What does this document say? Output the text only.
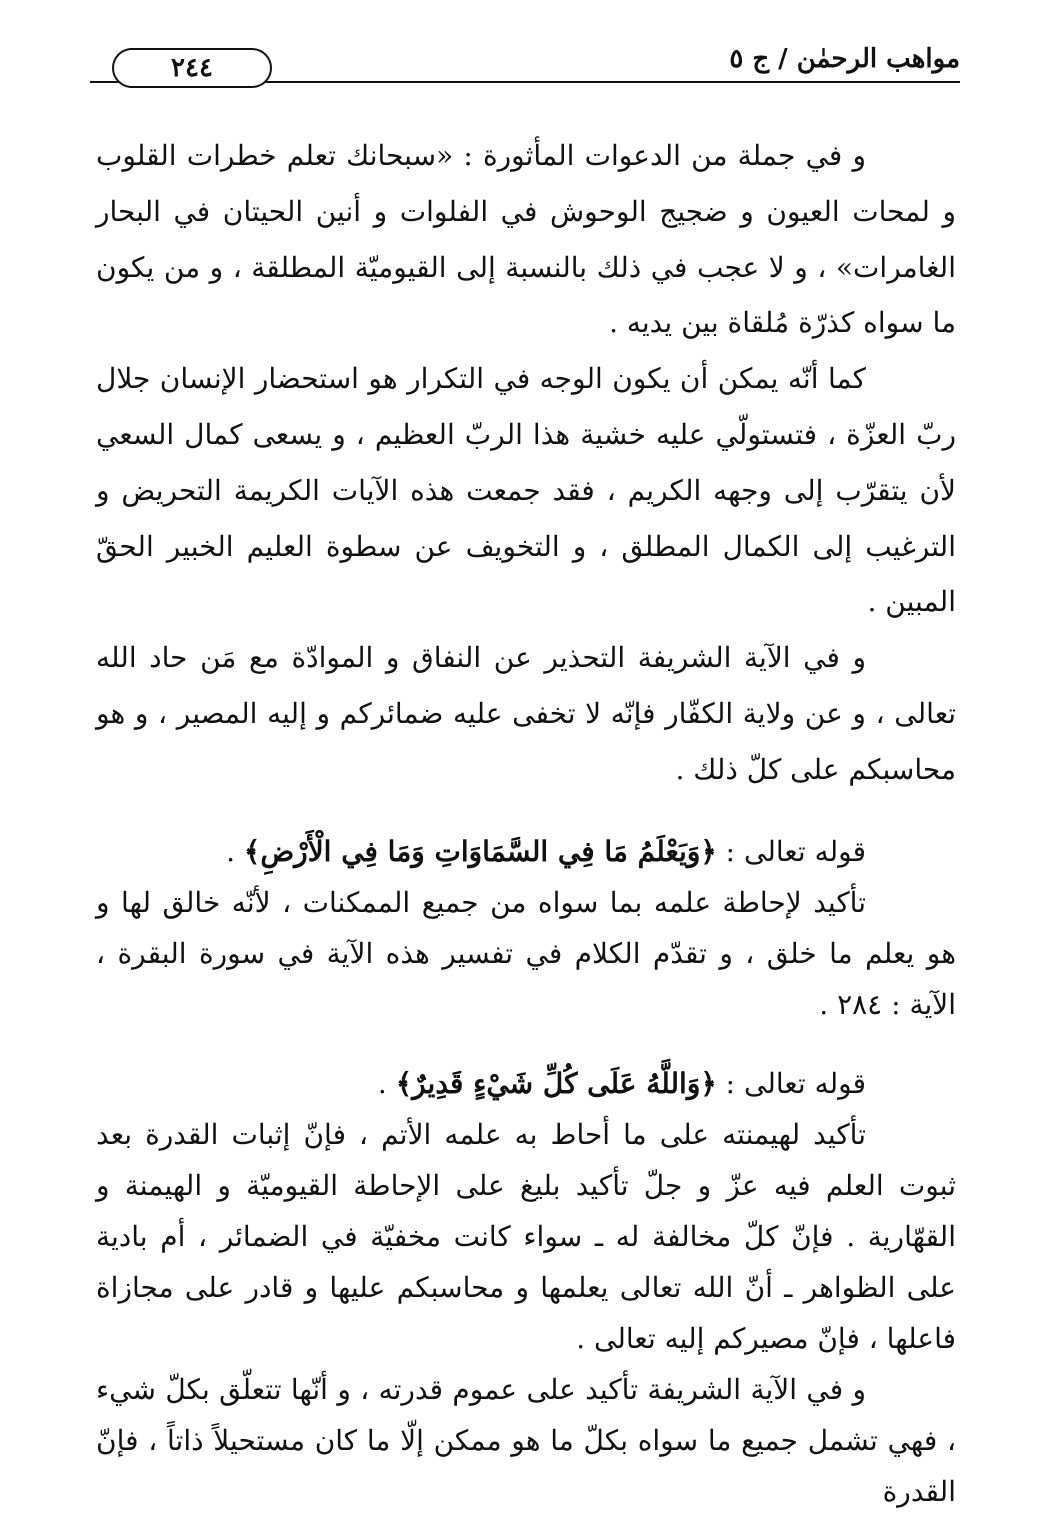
مواهب الرحمٰن / ج ٥
٢٤٤

و في جملة من الدعوات المأثورة : «سبحانك تعلم خطرات القلوب و لمحات العيون و ضجيج الوحوش في الفلوات و أنين الحيتان في البحار الغامرات» ، و لا عجب في ذلك بالنسبة إلى القيوميّة المطلقة ، و من يكون ما سواه كذرّة مُلقاة بين يديه .

كما أنّه يمكن أن يكون الوجه في التكرار هو استحضار الإنسان جلال ربّ العزّة ، فتستولّي عليه خشية هذا الربّ العظيم ، و يسعى كمال السعي لأن يتقرّب إلى وجهه الكريم ، فقد جمعت هذه الآيات الكريمة التحريض و الترغيب إلى الكمال المطلق ، و التخويف عن سطوة العليم الخبير الحقّ المبين .

و في الآية الشريفة التحذير عن النفاق و الموادّة مع مَن حاد الله تعالى ، و عن ولاية الكفّار فإنّه لا تخفى عليه ضمائركم و إليه المصير ، و هو محاسبكم على كلّ ذلك .

قوله تعالى : ﴿وَيَعْلَمُ مَا فِي السَّمَاوَاتِ وَمَا فِي الْأَرْضِ﴾ .

تأكيد لإحاطة علمه بما سواه من جميع الممكنات ، لأنّه خالق لها و هو يعلم ما خلق ، و تقدّم الكلام في تفسير هذه الآية في سورة البقرة ، الآية : ٢٨٤ .

قوله تعالى : ﴿وَاللَّهُ عَلَى كُلِّ شَيْءٍ قَدِيرٌ﴾ .

تأكيد لهيمنته على ما أحاط به علمه الأتم ، فإنّ إثبات القدرة بعد ثبوت العلم فيه عزّ و جلّ تأكيد بليغ على الإحاطة القيوميّة و الهيمنة و القهّارية . فإنّ كلّ مخالفة له ـ سواء كانت مخفيّة في الضمائر ، أم بادية على الظواهر ـ أنّ الله تعالى يعلمها و محاسبكم عليها و قادر على مجازاة فاعلها ، فإنّ مصيركم إليه تعالى .

و في الآية الشريفة تأكيد على عموم قدرته ، و أنّها تتعلّق بكلّ شيء ، فهي تشمل جميع ما سواه بكلّ ما هو ممكن إلّا ما كان مستحيلاً ذاتاً ، فإنّ القدرة
